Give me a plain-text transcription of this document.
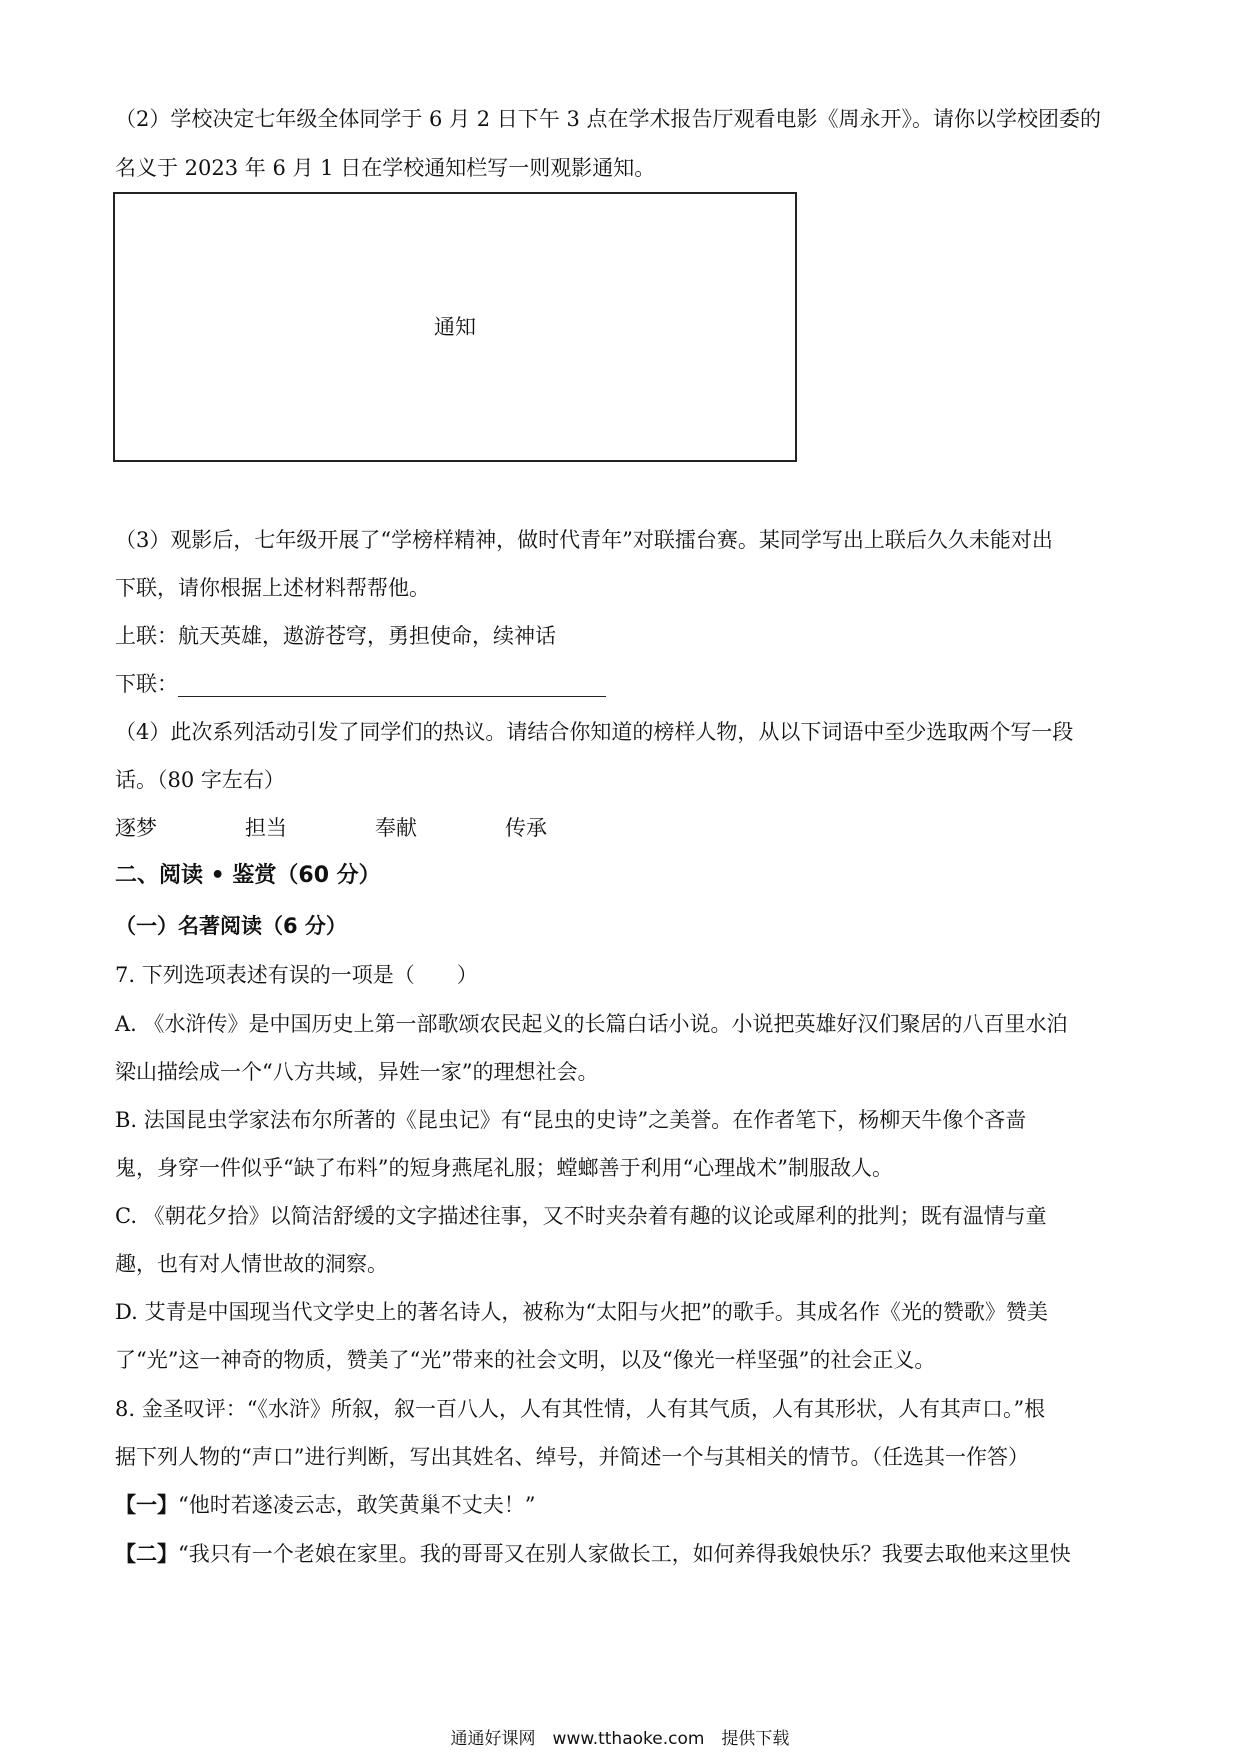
（2）学校决定七年级全体同学于 6 月 2 日下午 3 点在学术报告厅观看电影《周永开》。请你以学校团委的

名义于 2023 年 6 月 1 日在学校通知栏写一则观影通知。

通知

（3）观影后，七年级开展了“学榜样精神，做时代青年”对联擂台赛。某同学写出上联后久久未能对出

下联，请你根据上述材料帮帮他。

上联：航天英雄，遨游苍穹，勇担使命，续神话

下联：

（4）此次系列活动引发了同学们的热议。请结合你知道的榜样人物，从以下词语中至少选取两个写一段

话。（80 字左右）

逐梦	担当	奉献	传承

二、阅读 • 鉴赏（60 分）

（一）名著阅读（6 分）

7. 下列选项表述有误的一项是（　　）

A. 《水浒传》是中国历史上第一部歌颂农民起义的长篇白话小说。小说把英雄好汉们聚居的八百里水泊

梁山描绘成一个“八方共域，异姓一家”的理想社会。

B. 法国昆虫学家法布尔所著的《昆虫记》有“昆虫的史诗”之美誉。在作者笔下，杨柳天牛像个吝啬

鬼，身穿一件似乎“缺了布料”的短身燕尾礼服；螳螂善于利用“心理战术”制服敌人。

C. 《朝花夕拾》以简洁舒缓的文字描述往事，又不时夹杂着有趣的议论或犀利的批判；既有温情与童

趣，也有对人情世故的洞察。

D. 艾青是中国现当代文学史上的著名诗人，被称为“太阳与火把”的歌手。其成名作《光的赞歌》赞美

了“光”这一神奇的物质，赞美了“光”带来的社会文明，以及“像光一样坚强”的社会正义。

8. 金圣叹评：“《水浒》所叙，叙一百八人，人有其性情，人有其气质，人有其形状，人有其声口。”根

据下列人物的“声口”进行判断，写出其姓名、绰号，并简述一个与其相关的情节。（任选其一作答）

【一】“他时若遂凌云志，敢笑黄巢不丈夫！”

【二】“我只有一个老娘在家里。我的哥哥又在别人家做长工，如何养得我娘快乐？我要去取他来这里快

通通好课网　www.tthaoke.com　提供下载
